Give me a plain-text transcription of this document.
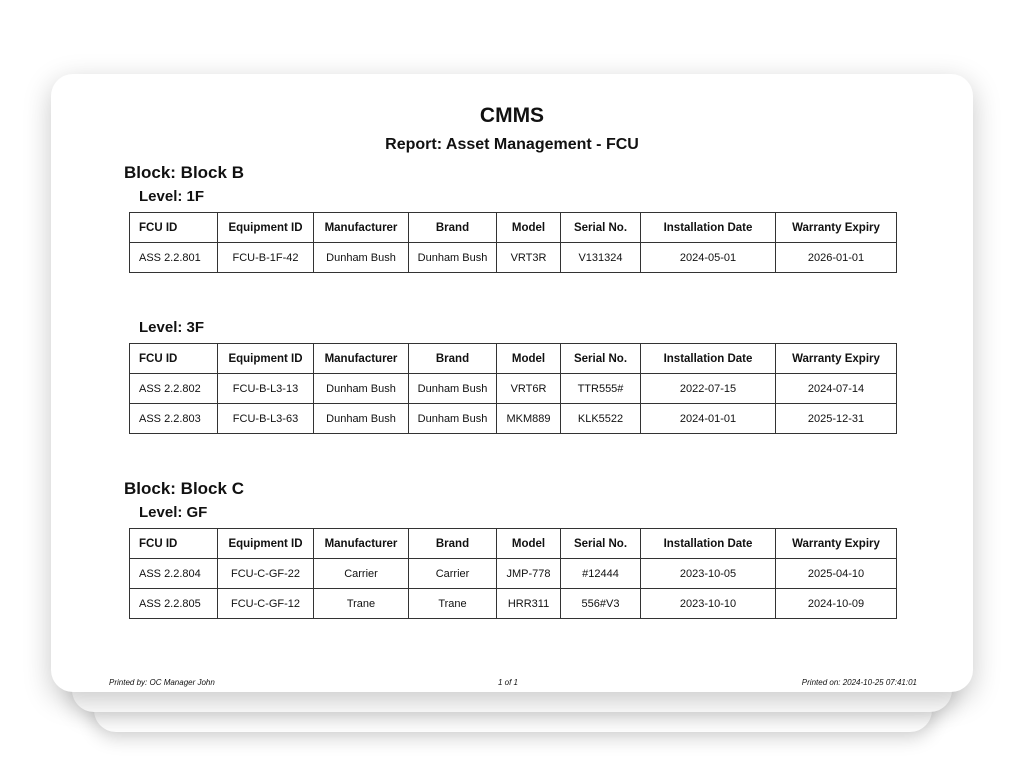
CMMS
Report: Asset Management - FCU
Block: Block B
Level: 1F
FCU ID	Equipment ID	Manufacturer	Brand	Model	Serial No.	Installation Date	Warranty Expiry
ASS 2.2.801	FCU-B-1F-42	Dunham Bush	Dunham Bush	VRT3R	V131324	2024-05-01	2026-01-01
Level: 3F
FCU ID	Equipment ID	Manufacturer	Brand	Model	Serial No.	Installation Date	Warranty Expiry
ASS 2.2.802	FCU-B-L3-13	Dunham Bush	Dunham Bush	VRT6R	TTR555#	2022-07-15	2024-07-14
ASS 2.2.803	FCU-B-L3-63	Dunham Bush	Dunham Bush	MKM889	KLK5522	2024-01-01	2025-12-31
Block: Block C
Level: GF
FCU ID	Equipment ID	Manufacturer	Brand	Model	Serial No.	Installation Date	Warranty Expiry
ASS 2.2.804	FCU-C-GF-22	Carrier	Carrier	JMP-778	#12444	2023-10-05	2025-04-10
ASS 2.2.805	FCU-C-GF-12	Trane	Trane	HRR311	556#V3	2023-10-10	2024-10-09
Printed by: OC Manager John	1 of 1	Printed on: 2024-10-25 07:41:01
